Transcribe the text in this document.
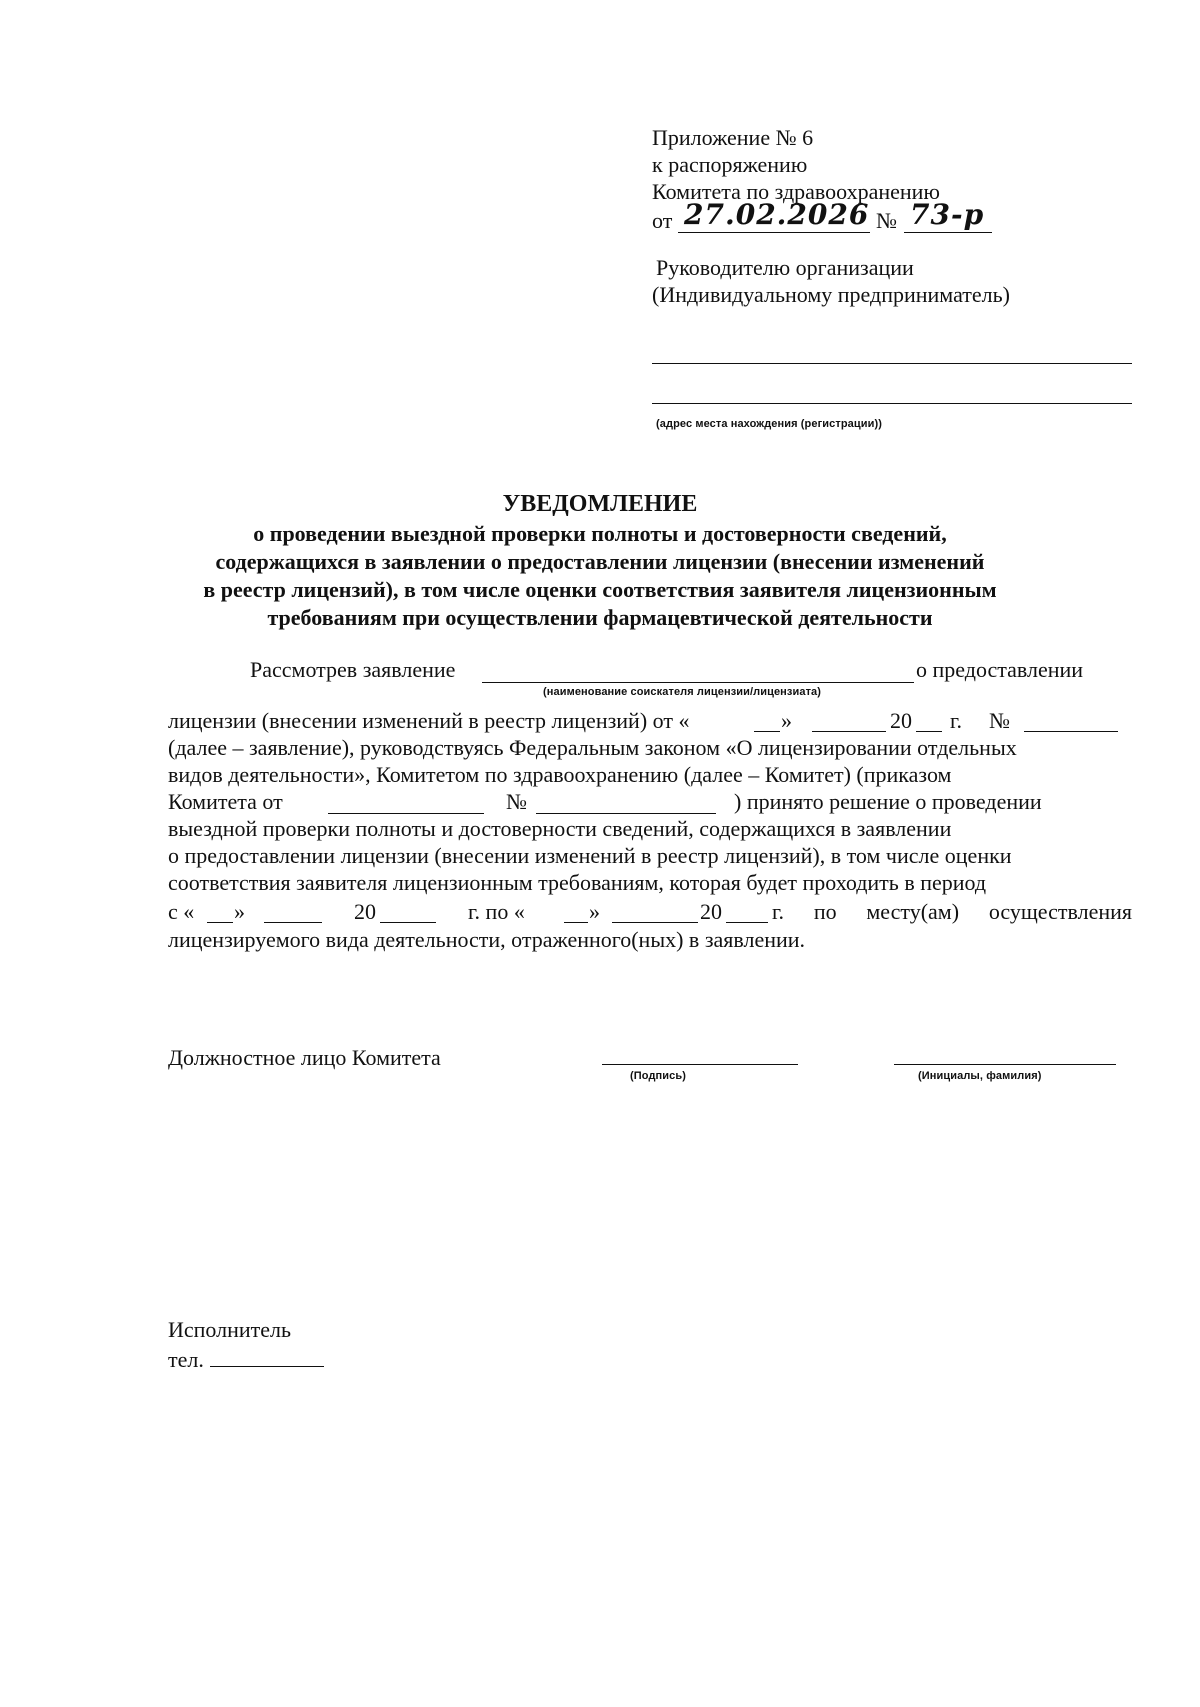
Приложение № 6
к распоряжению
Комитета по здравоохранению
от 27.02.2026 № 73-р
Руководителю организации
(Индивидуальному предприниматель)
(адрес места нахождения (регистрации))
УВЕДОМЛЕНИЕ
о проведении выездной проверки полноты и достоверности сведений,
содержащихся в заявлении о предоставлении лицензии (внесении изменений
в реестр лицензий), в том числе оценки соответствия заявителя лицензионным
требованиям при осуществлении фармацевтической деятельности
Рассмотрев заявление	о предоставлении
(наименование соискателя лицензии/лицензиата)
лицензии (внесении изменений в реестр лицензий) от «	»	20 г. №
(далее – заявление), руководствуясь Федеральным законом «О лицензировании отдельных
видов деятельности», Комитетом по здравоохранению (далее – Комитет) (приказом
Комитета от	№	) принято решение о проведении
выездной проверки полноты и достоверности сведений, содержащихся в заявлении
о предоставлении лицензии (внесении изменений в реестр лицензий), в том числе оценки
соответствия заявителя лицензионным требованиям, которая будет проходить в период
с « »	20	г. по «	»	20 г. по месту(ам) осуществления
лицензируемого вида деятельности, отраженного(ных) в заявлении.
Должностное лицо Комитета
(Подпись)	(Инициалы, фамилия)
Исполнитель
тел.
